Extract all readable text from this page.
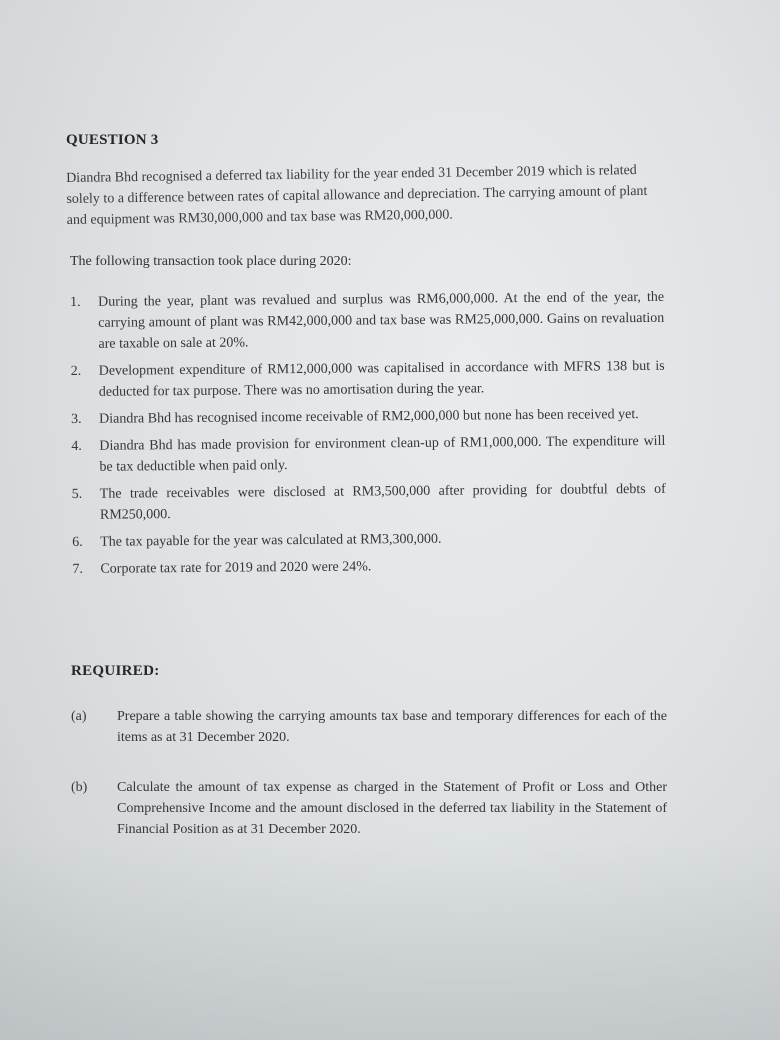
QUESTION 3

Diandra Bhd recognised a deferred tax liability for the year ended 31 December 2019 which is related solely to a difference between rates of capital allowance and depreciation. The carrying amount of plant and equipment was RM30,000,000 and tax base was RM20,000,000.

The following transaction took place during 2020:
1.	During the year, plant was revalued and surplus was RM6,000,000. At the end of the year, the carrying amount of plant was RM42,000,000 and tax base was RM25,000,000. Gains on revaluation are taxable on sale at 20%.
2.	Development expenditure of RM12,000,000 was capitalised in accordance with MFRS 138 but is deducted for tax purpose. There was no amortisation during the year.
3.	Diandra Bhd has recognised income receivable of RM2,000,000 but none has been received yet.
4.	Diandra Bhd has made provision for environment clean-up of RM1,000,000. The expenditure will be tax deductible when paid only.
5.	The trade receivables were disclosed at RM3,500,000 after providing for doubtful debts of RM250,000.
6.	The tax payable for the year was calculated at RM3,300,000.
7.	Corporate tax rate for 2019 and 2020 were 24%.
REQUIRED:
(a)	Prepare a table showing the carrying amounts tax base and temporary differences for each of the items as at 31 December 2020.
(b)	Calculate the amount of tax expense as charged in the Statement of Profit or Loss and Other Comprehensive Income and the amount disclosed in the deferred tax liability in the Statement of Financial Position as at 31 December 2020.
